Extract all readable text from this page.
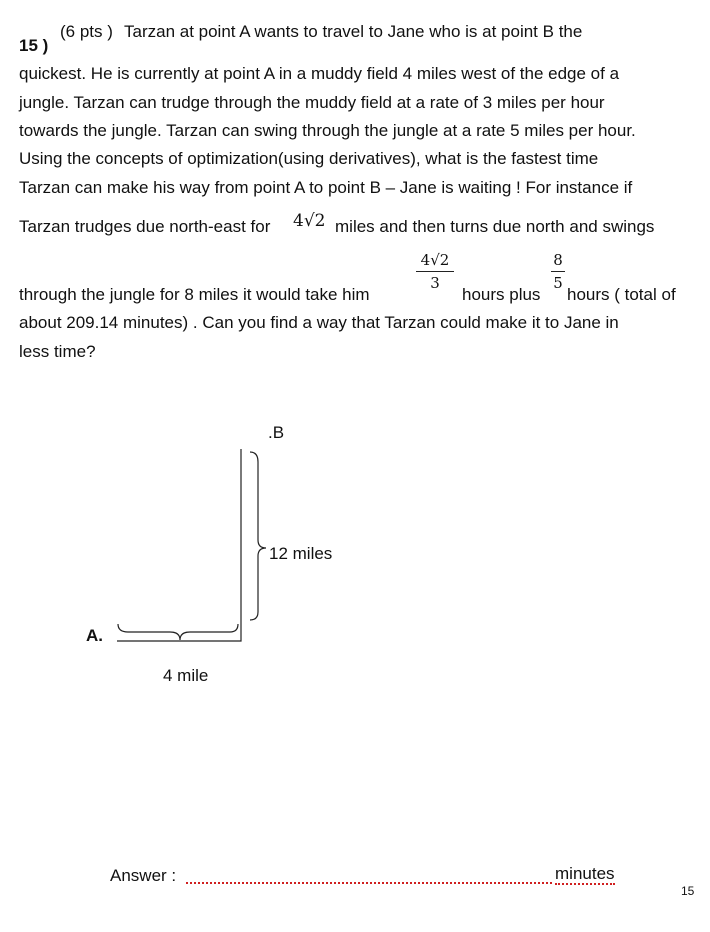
15 )
(6 pts ) Tarzan at point A wants to travel to Jane who is at point B the
quickest. He is currently at point A in a muddy field 4 miles west of the edge of a
jungle. Tarzan can trudge through the muddy field at a rate of 3 miles per hour
towards the jungle. Tarzan can swing through the jungle at a rate 5 miles per hour.
Using the concepts of optimization(using derivatives), what is the fastest time
Tarzan can make his way from point A to point B – Jane is waiting ! For instance if
Tarzan trudges due north-east for 4√2 miles and then turns due north and swings
through the jungle for 8 miles it would take him
4√2
3
hours plus
8
5
hours ( total of
about 209.14 minutes) . Can you find a way that Tarzan could make it to Jane in
less time?
.B
A.
12 miles
4 mile
Answer :	minutes
15
